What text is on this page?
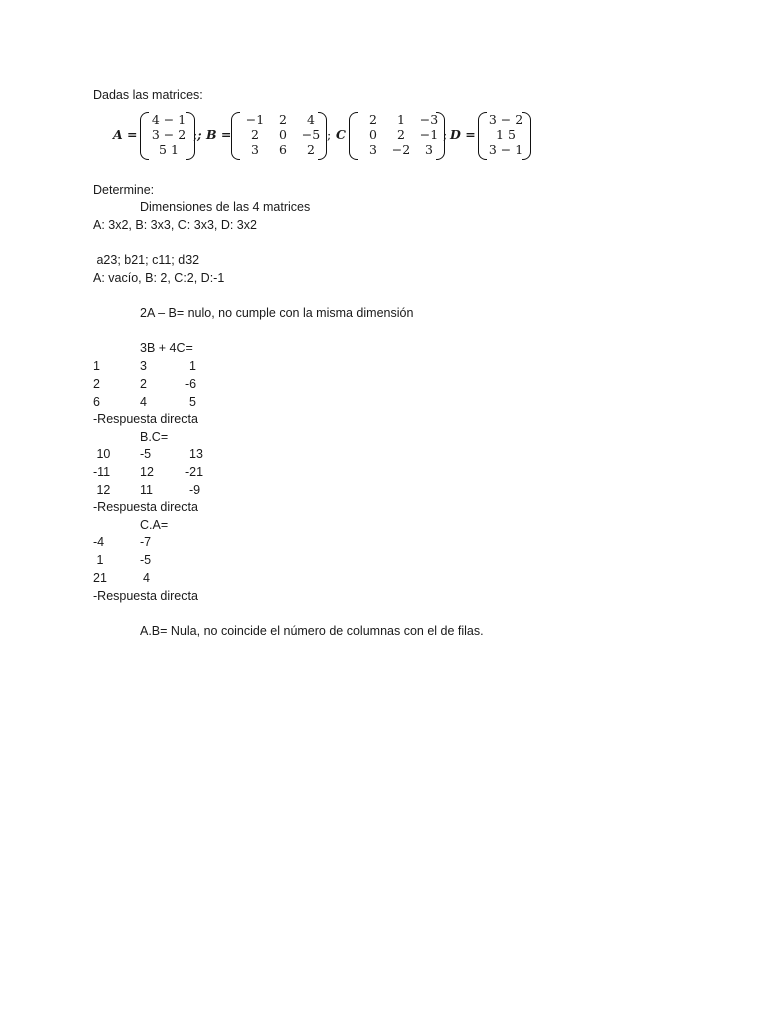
Dadas las matrices:
A =
4 − 1
3 − 2
5 1
; ; B =
−1	2	4
2	0	−5
3	6	2
; C
2	1	−3
0	2	−1
3	−2	3
; D =
3 − 2
1 5
3 − 1
Determine:
Dimensiones de las 4 matrices
A: 3x2, B: 3x3, C: 3x3, D: 3x2
a23; b21; c11; d32
A: vacío, B: 2, C:2, D:-1
2A – B= nulo, no cumple con la misma dimensión
3B + 4C=
1	3	1
2	2	-6
6	4	5
-Respuesta directa
B.C=
10 -5	13
-11 12 -21
12 11	-9
-Respuesta directa
C.A=
-4	-7
1	-5
21	4
-Respuesta directa
A.B= Nula, no coincide el número de columnas con el de filas.
